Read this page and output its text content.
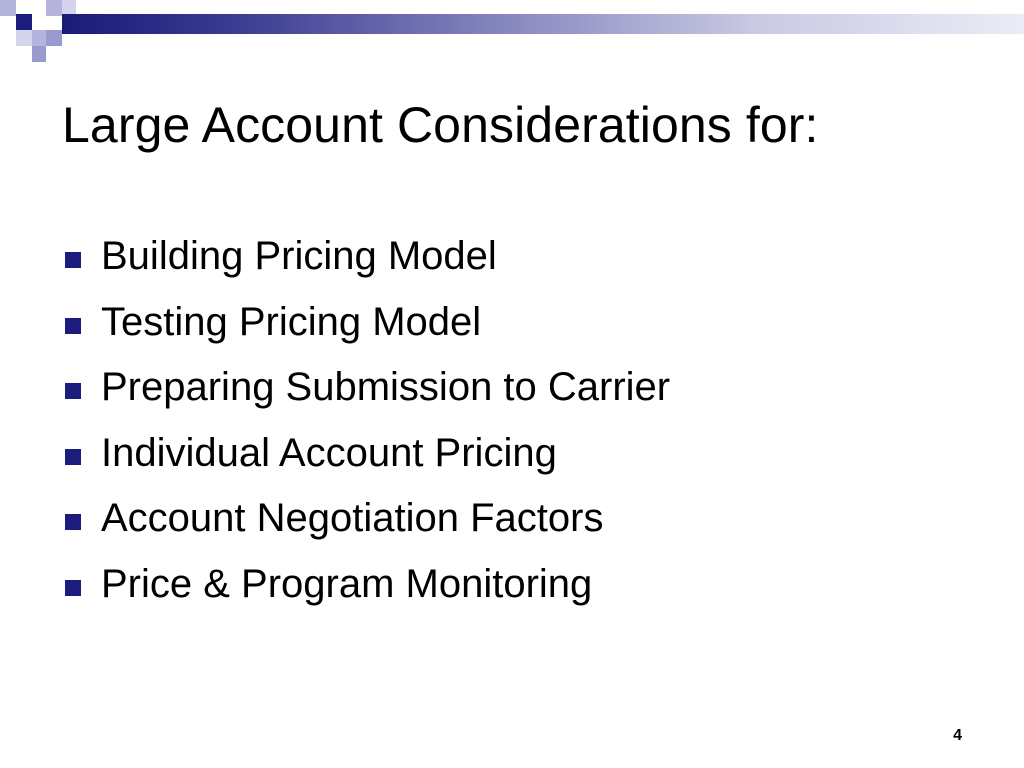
Large Account Considerations for:
Building Pricing Model
Testing Pricing Model
Preparing Submission to Carrier
Individual Account Pricing
Account Negotiation Factors
Price & Program Monitoring
4
